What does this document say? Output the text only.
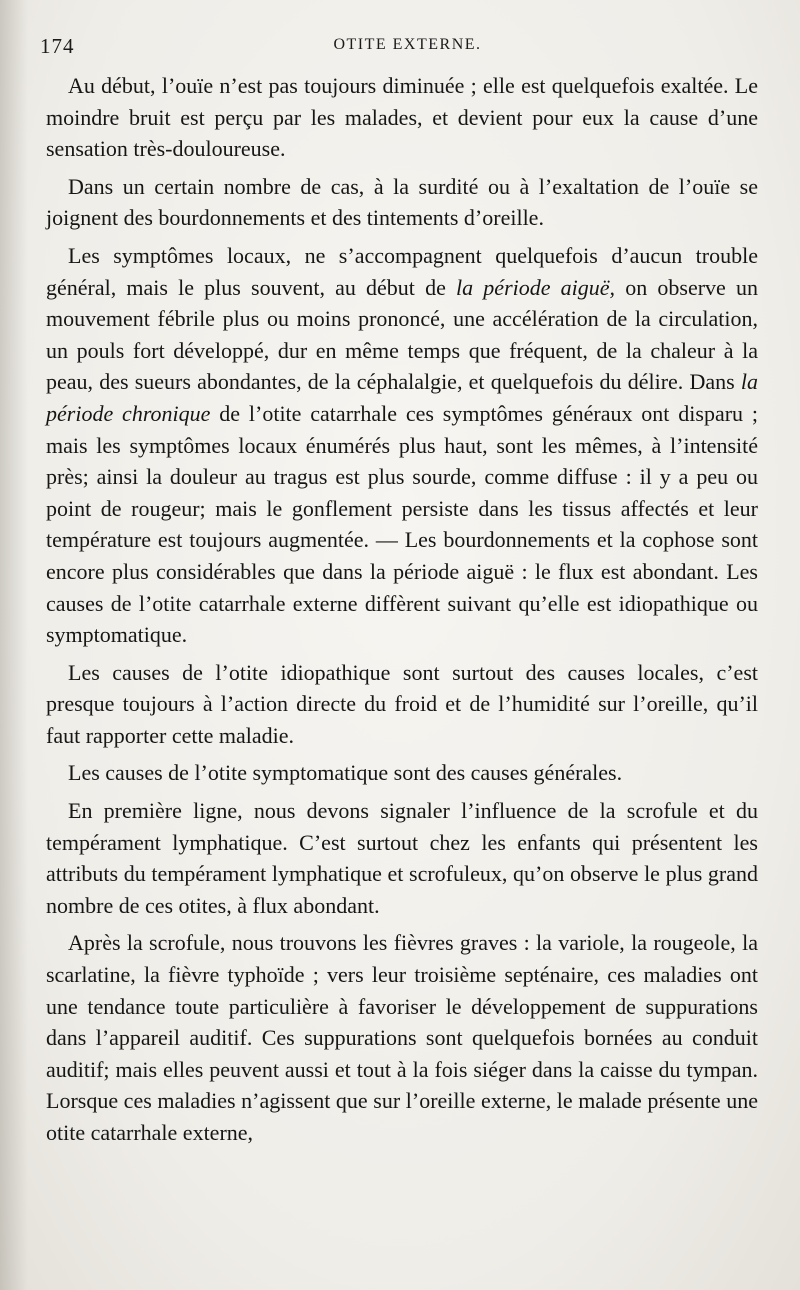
174	OTITE EXTERNE.

Au début, l’ouïe n’est pas toujours diminuée ; elle est quelquefois exaltée. Le moindre bruit est perçu par les malades, et devient pour eux la cause d’une sensation très-douloureuse.

Dans un certain nombre de cas, à la surdité ou à l’exaltation de l’ouïe se joignent des bourdonnements et des tintements d’oreille.

Les symptômes locaux, ne s’accompagnent quelquefois d’aucun trouble général, mais le plus souvent, au début de la période aiguë, on observe un mouvement fébrile plus ou moins prononcé, une accélération de la circulation, un pouls fort développé, dur en même temps que fréquent, de la chaleur à la peau, des sueurs abondantes, de la céphalalgie, et quelquefois du délire. Dans la période chronique de l’otite catarrhale ces symptômes généraux ont disparu ; mais les symptômes locaux énumérés plus haut, sont les mêmes, à l’intensité près; ainsi la douleur au tragus est plus sourde, comme diffuse : il y a peu ou point de rougeur; mais le gonflement persiste dans les tissus affectés et leur température est toujours augmentée. — Les bourdonnements et la cophose sont encore plus considérables que dans la période aiguë : le flux est abondant. Les causes de l’otite catarrhale externe diffèrent suivant qu’elle est idiopathique ou symptomatique.

Les causes de l’otite idiopathique sont surtout des causes locales, c’est presque toujours à l’action directe du froid et de l’humidité sur l’oreille, qu’il faut rapporter cette maladie.

Les causes de l’otite symptomatique sont des causes générales.

En première ligne, nous devons signaler l’influence de la scrofule et du tempérament lymphatique. C’est surtout chez les enfants qui présentent les attributs du tempérament lymphatique et scrofuleux, qu’on observe le plus grand nombre de ces otites, à flux abondant.

Après la scrofule, nous trouvons les fièvres graves : la variole, la rougeole, la scarlatine, la fièvre typhoïde ; vers leur troisième septénaire, ces maladies ont une tendance toute particulière à favoriser le développement de suppurations dans l’appareil auditif. Ces suppurations sont quelquefois bornées au conduit auditif; mais elles peuvent aussi et tout à la fois siéger dans la caisse du tympan. Lorsque ces maladies n’agissent que sur l’oreille externe, le malade présente une otite catarrhale externe,
